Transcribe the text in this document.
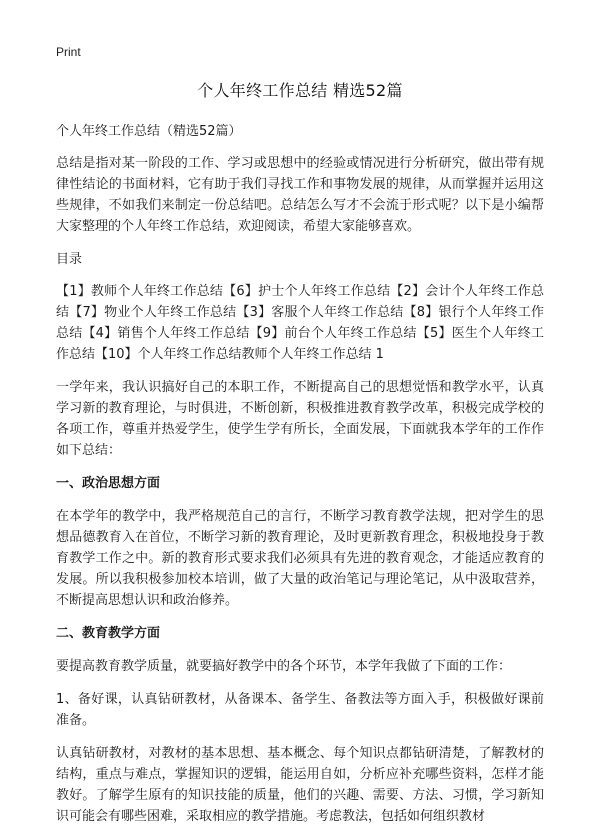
Print
个人年终工作总结 精选52篇

个人年终工作总结（精选52篇）

总结是指对某一阶段的工作、学习或思想中的经验或情况进行分析研究，做出带有规律性结论的书面材料，它有助于我们寻找工作和事物发展的规律，从而掌握并运用这些规律，不如我们来制定一份总结吧。总结怎么写才不会流于形式呢？以下是小编帮大家整理的个人年终工作总结，欢迎阅读，希望大家能够喜欢。

目录

【1】教师个人年终工作总结【6】护士个人年终工作总结【2】会计个人年终工作总结【7】物业个人年终工作总结【3】客服个人年终工作总结【8】银行个人年终工作总结【4】销售个人年终工作总结【9】前台个人年终工作总结【5】医生个人年终工作总结【10】个人年终工作总结教师个人年终工作总结 1

一学年来，我认识搞好自己的本职工作，不断提高自己的思想觉悟和教学水平，认真学习新的教育理论，与时俱进，不断创新，积极推进教育教学改革，积极完成学校的各项工作，尊重并热爱学生，使学生学有所长，全面发展，下面就我本学年的工作作如下总结：

一、政治思想方面

在本学年的教学中，我严格规范自己的言行，不断学习教育教学法规，把对学生的思想品德教育入在首位，不断学习新的教育理论，及时更新教育理念，积极地投身于教育教学工作之中。新的教育形式要求我们必须具有先进的教育观念，才能适应教育的发展。所以我积极参加校本培训，做了大量的政治笔记与理论笔记，从中汲取营养，不断提高思想认识和政治修养。

二、教育教学方面

要提高教育教学质量，就要搞好教学中的各个环节，本学年我做了下面的工作：

1、备好课，认真钻研教材，从备课本、备学生、备教法等方面入手，积极做好课前准备。

认真钻研教材，对教材的基本思想、基本概念、每个知识点都钻研清楚，了解教材的结构，重点与难点，掌握知识的逻辑，能运用自如，分析应补充哪些资料，怎样才能教好。了解学生原有的知识技能的质量，他们的兴趣、需要、方法、习惯，学习新知识可能会有哪些困难，采取相应的教学措施。考虑教法，包括如何组织教材
